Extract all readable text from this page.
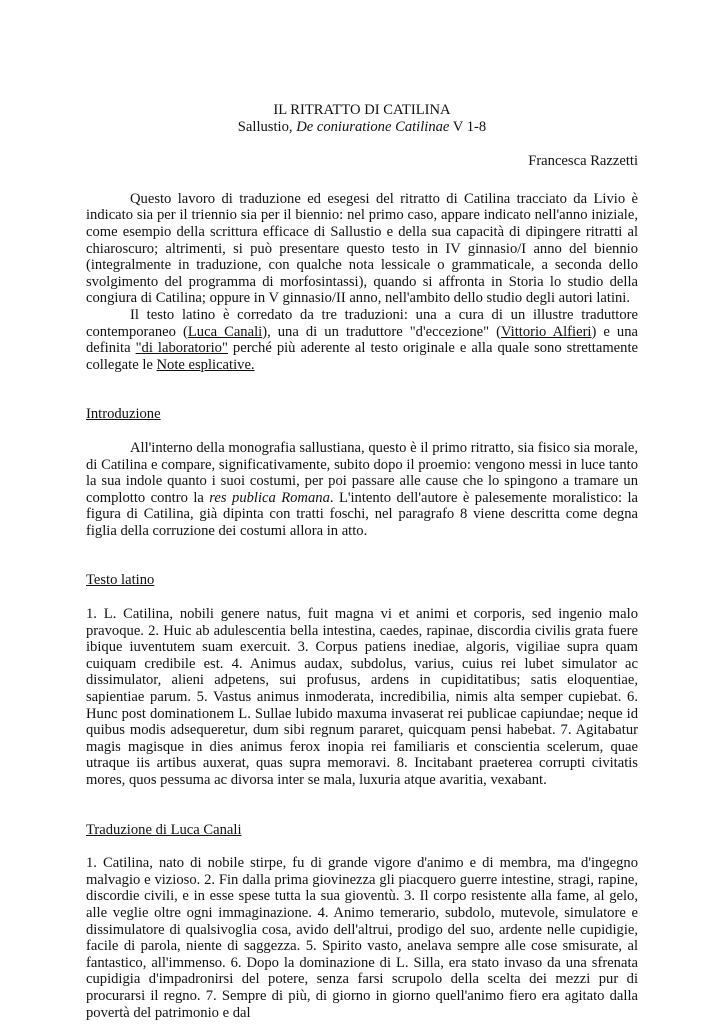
IL RITRATTO DI CATILINA
Sallustio, De coniuratione Catilinae V 1-8
Francesca Razzetti

Questo lavoro di traduzione ed esegesi del ritratto di Catilina tracciato da Livio è indicato sia per il triennio sia per il biennio: nel primo caso, appare indicato nell'anno iniziale, come esempio della scrittura efficace di Sallustio e della sua capacità di dipingere ritratti al chiaroscuro; altrimenti, si può presentare questo testo in IV ginnasio/I anno del biennio (integralmente in traduzione, con qualche nota lessicale o grammaticale, a seconda dello svolgimento del programma di morfosintassi), quando si affronta in Storia lo studio della congiura di Catilina; oppure in V ginnasio/II anno, nell'ambito dello studio degli autori latini.

Il testo latino è corredato da tre traduzioni: una a cura di un illustre traduttore contemporaneo (Luca Canali), una di un traduttore "d'eccezione" (Vittorio Alfieri) e una definita "di laboratorio" perché più aderente al testo originale e alla quale sono strettamente collegate le Note esplicative.

Introduzione

All'interno della monografia sallustiana, questo è il primo ritratto, sia fisico sia morale, di Catilina e compare, significativamente, subito dopo il proemio: vengono messi in luce tanto la sua indole quanto i suoi costumi, per poi passare alle cause che lo spingono a tramare un complotto contro la res publica Romana. L'intento dell'autore è palesemente moralistico: la figura di Catilina, già dipinta con tratti foschi, nel paragrafo 8 viene descritta come degna figlia della corruzione dei costumi allora in atto.

Testo latino

1. L. Catilina, nobili genere natus, fuit magna vi et animi et corporis, sed ingenio malo pravoque. 2. Huic ab adulescentia bella intestina, caedes, rapinae, discordia civilis grata fuere ibique iuventutem suam exercuit. 3. Corpus patiens inediae, algoris, vigiliae supra quam cuiquam credibile est. 4. Animus audax, subdolus, varius, cuius rei lubet simulator ac dissimulator, alieni adpetens, sui profusus, ardens in cupiditatibus; satis eloquentiae, sapientiae parum. 5. Vastus animus inmoderata, incredibilia, nimis alta semper cupiebat. 6. Hunc post dominationem L. Sullae lubido maxuma invaserat rei publicae capiundae; neque id quibus modis adsequeretur, dum sibi regnum pararet, quicquam pensi habebat. 7. Agitabatur magis magisque in dies animus ferox inopia rei familiaris et conscientia scelerum, quae utraque iis artibus auxerat, quas supra memoravi. 8. Incitabant praeterea corrupti civitatis mores, quos pessuma ac divorsa inter se mala, luxuria atque avaritia, vexabant.

Traduzione di Luca Canali

1. Catilina, nato di nobile stirpe, fu di grande vigore d'animo e di membra, ma d'ingegno malvagio e vizioso. 2. Fin dalla prima giovinezza gli piacquero guerre intestine, stragi, rapine, discordie civili, e in esse spese tutta la sua gioventù. 3. Il corpo resistente alla fame, al gelo, alle veglie oltre ogni immaginazione. 4. Animo temerario, subdolo, mutevole, simulatore e dissimulatore di qualsivoglia cosa, avido dell'altrui, prodigo del suo, ardente nelle cupidigie, facile di parola, niente di saggezza. 5. Spirito vasto, anelava sempre alle cose smisurate, al fantastico, all'immenso. 6. Dopo la dominazione di L. Silla, era stato invaso da una sfrenata cupidigia d'impadronirsi del potere, senza farsi scrupolo della scelta dei mezzi pur di procurarsi il regno. 7. Sempre di più, di giorno in giorno quell'animo fiero era agitato dalla povertà del patrimonio e dal
